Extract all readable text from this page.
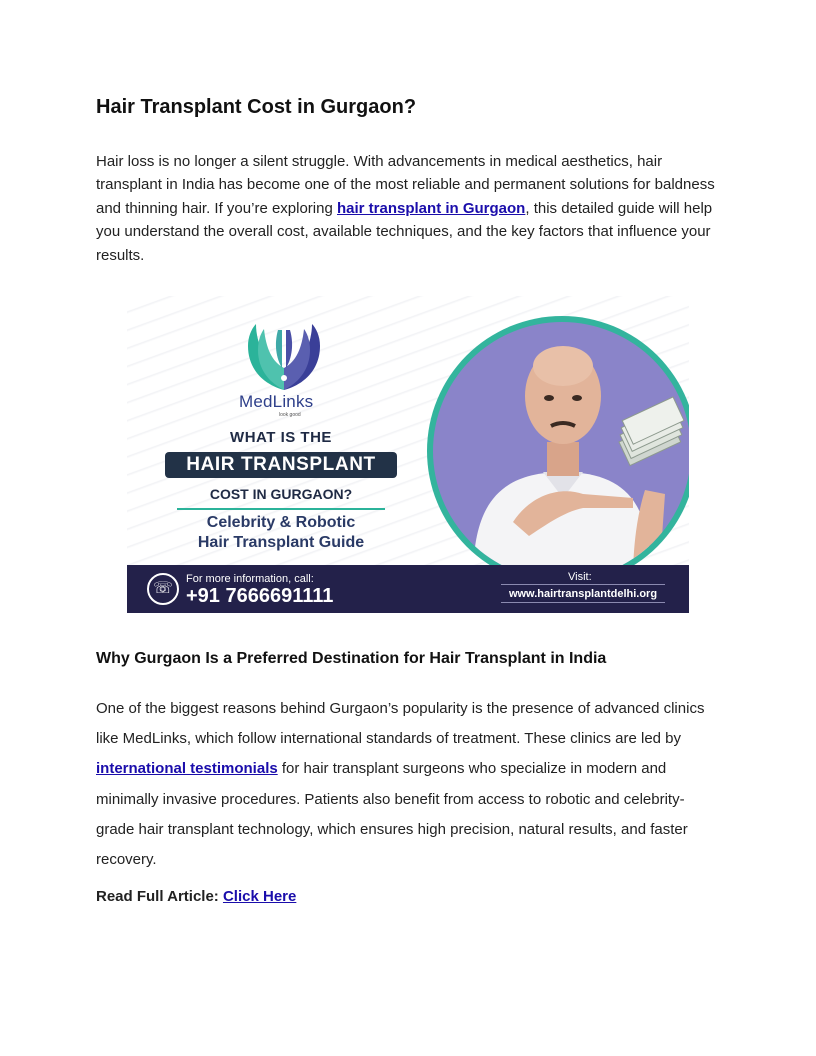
Hair Transplant Cost in Gurgaon?

Hair loss is no longer a silent struggle. With advancements in medical aesthetics, hair transplant in India has become one of the most reliable and permanent solutions for baldness and thinning hair. If you’re exploring hair transplant in Gurgaon, this detailed guide will help you understand the overall cost, available techniques, and the key factors that influence your results.

MedLinks
look good
WHAT IS THE
HAIR TRANSPLANT
COST IN GURGAON?
Celebrity & Robotic
Hair Transplant Guide
☏
For more information, call:
+91 7666691111
Visit:
www.hairtransplantdelhi.org
Why Gurgaon Is a Preferred Destination for Hair Transplant in India

One of the biggest reasons behind Gurgaon’s popularity is the presence of advanced clinics like MedLinks, which follow international standards of treatment. These clinics are led by international testimonials for hair transplant surgeons who specialize in modern and minimally invasive procedures. Patients also benefit from access to robotic and celebrity-grade hair transplant technology, which ensures high precision, natural results, and faster recovery.

Read Full Article: Click Here
